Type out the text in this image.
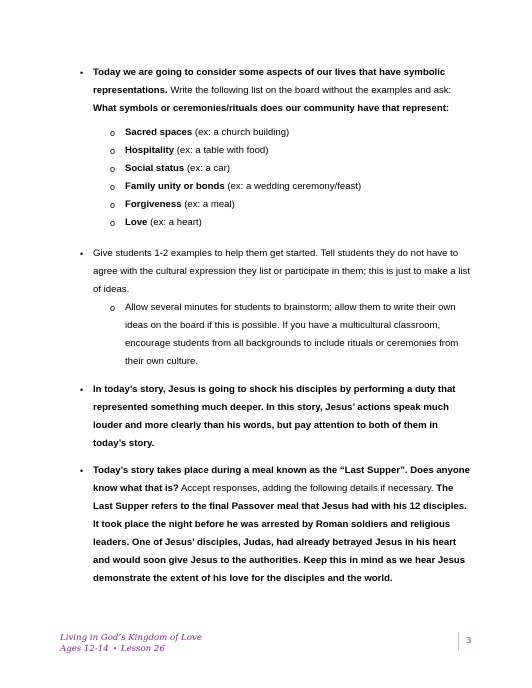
• Today we are going to consider some aspects of our lives that have symbolic representations. Write the following list on the board without the examples and ask: What symbols or ceremonies/rituals does our community have that represent:

o Sacred spaces (ex: a church building)

o Hospitality (ex: a table with food)

o Social status (ex: a car)

o Family unity or bonds (ex: a wedding ceremony/feast)

o Forgiveness (ex: a meal)

o Love (ex: a heart)

• Give students 1-2 examples to help them get started. Tell students they do not have to agree with the cultural expression they list or participate in them; this is just to make a list of ideas.

o Allow several minutes for students to brainstorm; allow them to write their own ideas on the board if this is possible. If you have a multicultural classroom, encourage students from all backgrounds to include rituals or ceremonies from their own culture.

• In today’s story, Jesus is going to shock his disciples by performing a duty that represented something much deeper. In this story, Jesus’ actions speak much louder and more clearly than his words, but pay attention to both of them in today’s story.

• Today’s story takes place during a meal known as the “Last Supper”. Does anyone know what that is? Accept responses, adding the following details if necessary. The Last Supper refers to the final Passover meal that Jesus had with his 12 disciples. It took place the night before he was arrested by Roman soldiers and religious leaders. One of Jesus’ disciples, Judas, had already betrayed Jesus in his heart and would soon give Jesus to the authorities. Keep this in mind as we hear Jesus demonstrate the extent of his love for the disciples and the world.

Living in God’s Kingdom of Love
Ages 12-14 • Lesson 26
3
